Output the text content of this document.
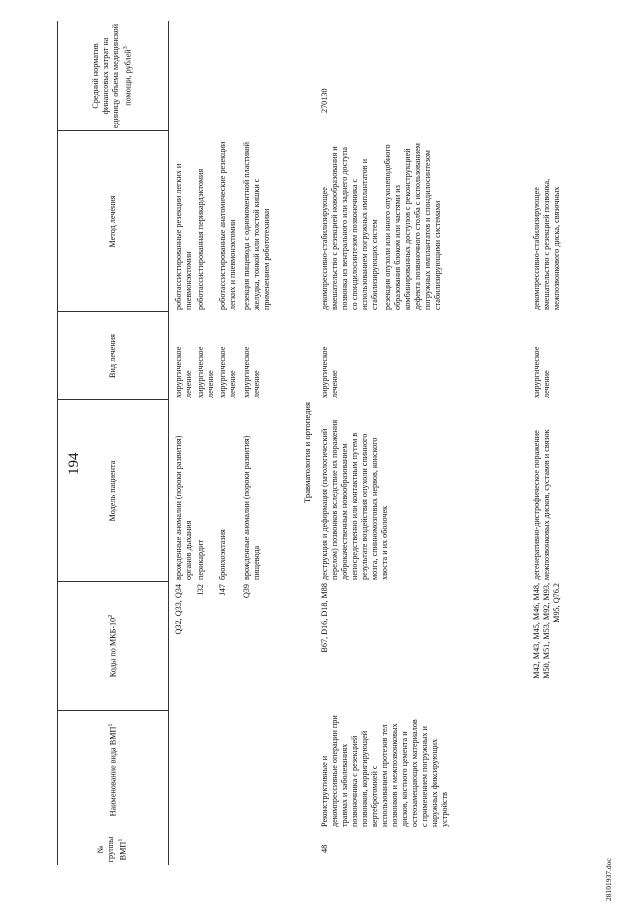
194
28101937.doc
№ группы ВМП$^1$
Наименование вида ВМП$^1$
Коды по МКБ-$10^2$
Модель пациента
Вид лечения
Метод лечения
Средний норматив финансовых затрат на единицу объема медицинской помощи, рублей$^3$
Q32, Q33, Q34
врожденные аномалии (пороки развития) органов дыхания
хирургическое лечение
роботассистированные резекции легких и пневмонэктомии
I32
перикардит
хирургическое лечение
роботассистированная перикардэктомия
J47
бронхоэктазия
хирургическое лечение
роботассистированные анатомические резекции легких и пневмонэктомии
Q39
врожденные аномалии (пороки развития) пищевода
хирургическое лечение
резекция пищевода с одномоментной пластикой желудка, тонкой или толстой кишки с применением робототехники
Травматология и ортопедия
48
Реконструктивные и декомпрессивные операции при травмах и заболеваниях позвоночника с резекцией позвонков, корригирующей вертебротомией с использованием протезов тел позвонков и межпозвонковых дисков, костного цемента и остеозамещающих материалов с применением погружных и наружных фиксирующих устройств
270130
B67, D16, D18, M88
деструкция и деформация (патологический перелом) позвонков вследствие их поражения доброкачественным новообразованием непосредственно или контактным путем в результате воздействия опухоли спинного мозга, спинномозговых нервов, конского хвоста и их оболочек
хирургическое лечение

декомпрессивно-стабилизирующее вмешательство с резекцией новообразования и позвонка из вентрального или заднего доступа со спондилосинтезом позвоночника с использованием погружных имплантатов и стабилизирующих систем резекция опухоли или иного опухолеподобного образования блоком или частями из комбинированных доступов с реконструкцией дефекта позвоночного столба с использованием погружных имплантатов и спондилосинтезом стабилизирующими системами

M42, M43, M45, M46, M48, M50, M51, M53, M92, M93, M95, Q76.2
дегенеративно-дистрофическое поражение межпозвонковых дисков, суставов и связок
хирургическое лечение

декомпрессивно-стабилизирующее вмешательство с резекцией позвонка, межпозвонкового диска, связочных
